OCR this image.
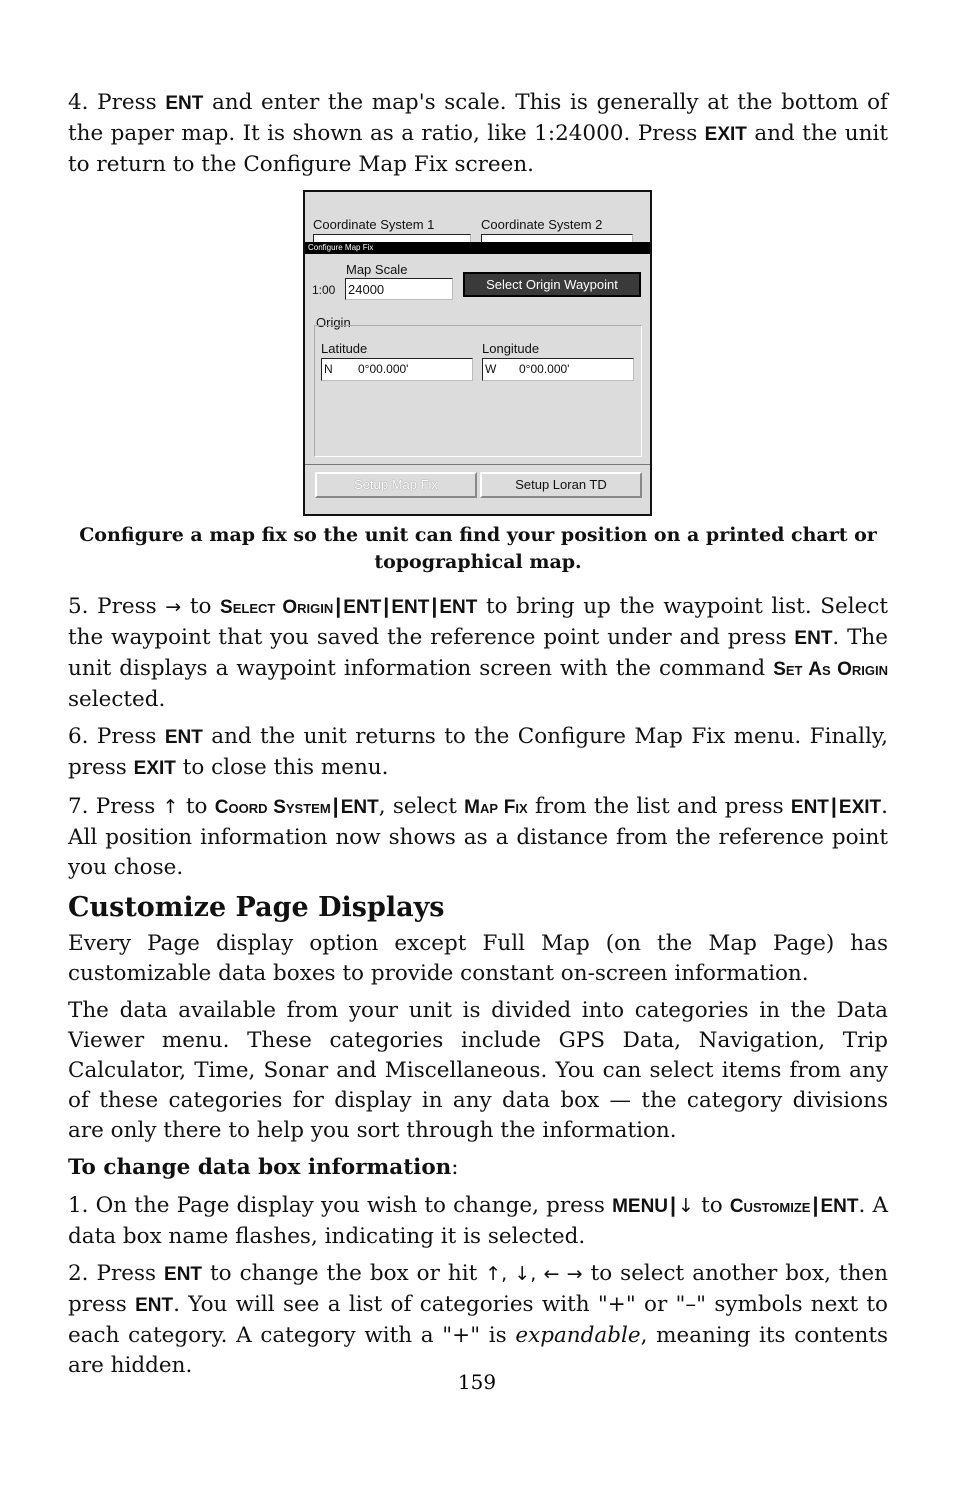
4. Press ENT and enter the map's scale. This is generally at the bottom of the paper map. It is shown as a ratio, like 1:24000. Press EXIT and the unit to return to the Configure Map Fix screen.

Coordinate System 1	Coordinate System 2
Configure Map Fix
Map Scale
1:00 24000	Select Origin Waypoint
Origin
Latitude	Longitude
N 0°00.000'	W 0°00.000'
Setup Map Fix	Setup Loran TD
Configure a map fix so the unit can find your position on a printed chart or topographical map.

5. Press → to Select Origin| ENT| ENT| ENT to bring up the waypoint list. Select the waypoint that you saved the reference point under and press ENT. The unit displays a waypoint information screen with the command Set As Origin selected.

6. Press ENT and the unit returns to the Configure Map Fix menu. Finally, press EXIT to close this menu.

7. Press ↑ to Coord System| ENT, select Map Fix from the list and press ENT| EXIT. All position information now shows as a distance from the reference point you chose.

Customize Page Displays

Every Page display option except Full Map (on the Map Page) has customizable data boxes to provide constant on-screen information.

The data available from your unit is divided into categories in the Data Viewer menu. These categories include GPS Data, Navigation, Trip Calculator, Time, Sonar and Miscellaneous. You can select items from any of these categories for display in any data box — the category divisions are only there to help you sort through the information.

To change data box information:

1. On the Page display you wish to change, press MENU| ↓ to Customize| ENT. A data box name flashes, indicating it is selected.

2. Press ENT to change the box or hit ↑, ↓, ← → to select another box, then press ENT. You will see a list of categories with "+" or "–" symbols next to each category. A category with a "+" is expandable, meaning its contents are hidden.

159
